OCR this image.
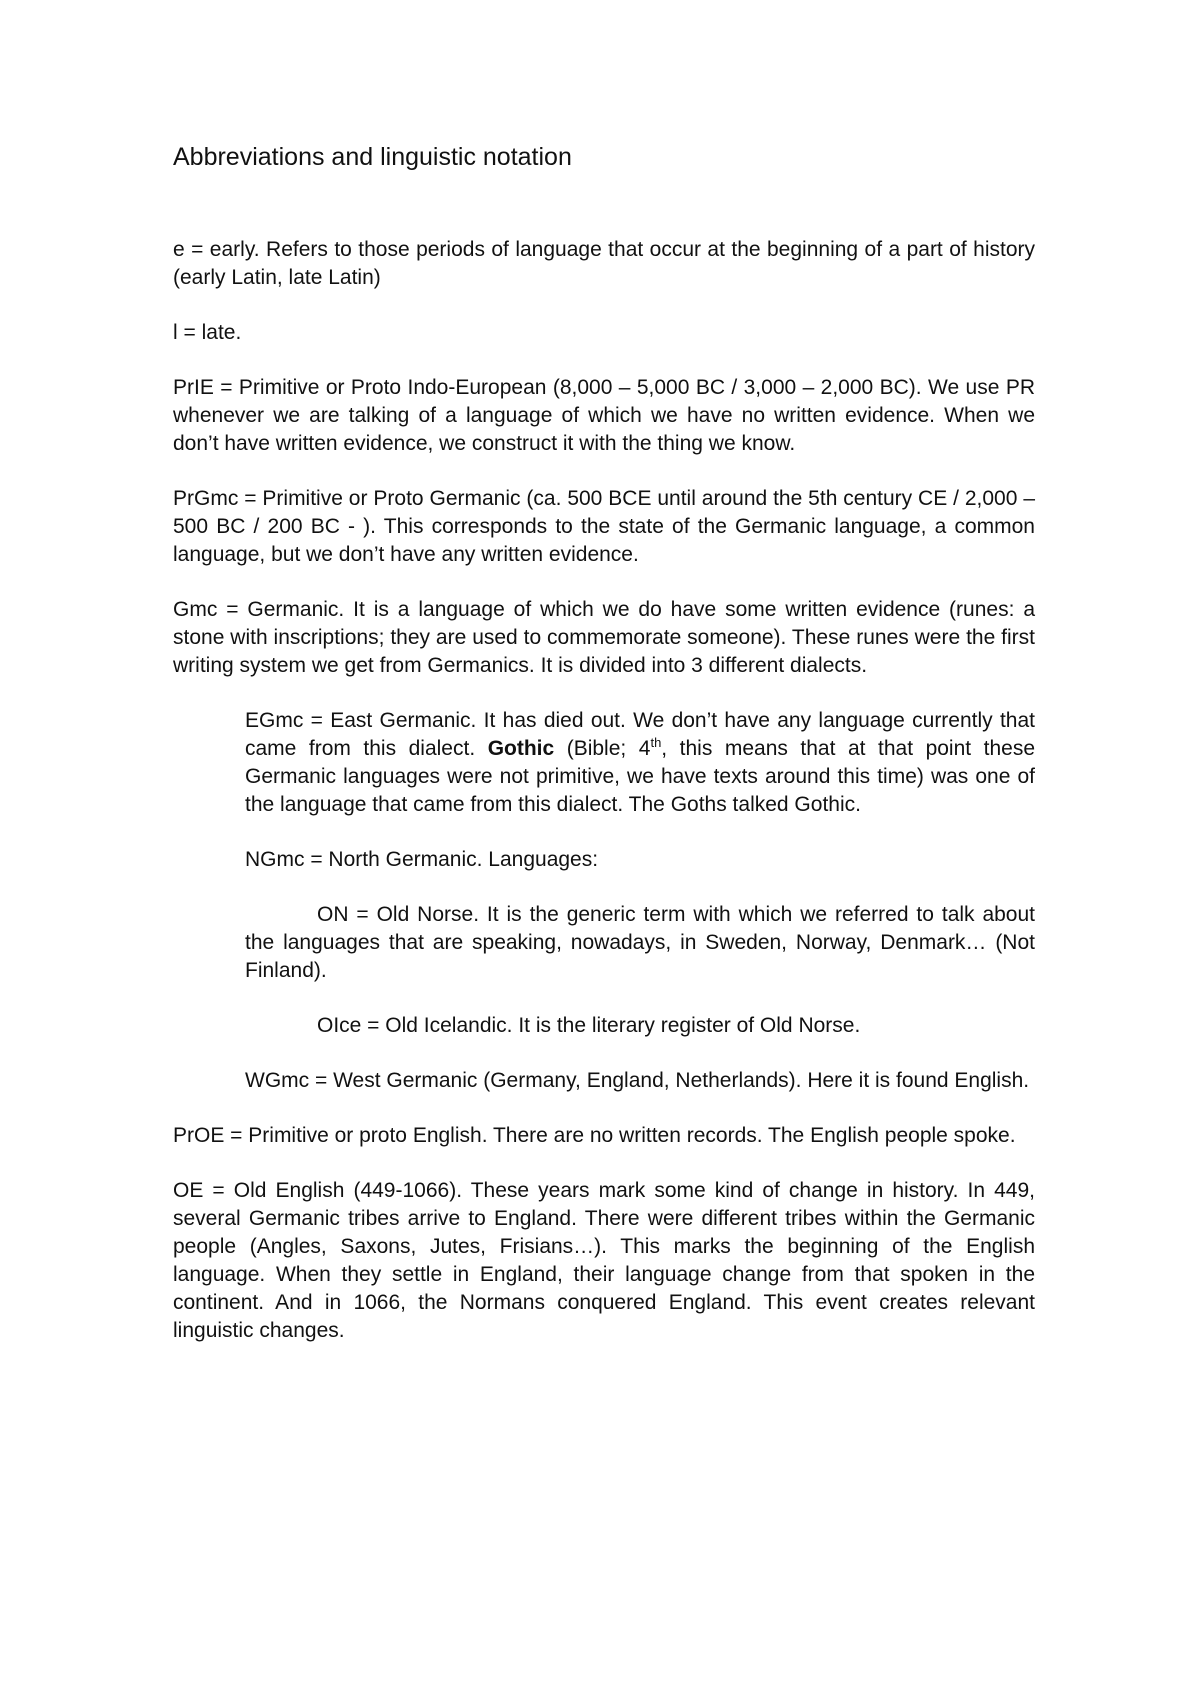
Abbreviations and linguistic notation

e = early. Refers to those periods of language that occur at the beginning of a part of history (early Latin, late Latin)

l = late.

PrIE = Primitive or Proto Indo-European (8,000 – 5,000 BC / 3,000 – 2,000 BC). We use PR whenever we are talking of a language of which we have no written evidence. When we don’t have written evidence, we construct it with the thing we know.

PrGmc = Primitive or Proto Germanic (ca. 500 BCE until around the 5th century CE / 2,000 – 500 BC / 200 BC - ). This corresponds to the state of the Germanic language, a common language, but we don’t have any written evidence.

Gmc = Germanic. It is a language of which we do have some written evidence (runes: a stone with inscriptions; they are used to commemorate someone). These runes were the first writing system we get from Germanics. It is divided into 3 different dialects.

EGmc = East Germanic. It has died out. We don’t have any language currently that came from this dialect. Gothic (Bible; 4th, this means that at that point these Germanic languages were not primitive, we have texts around this time) was one of the language that came from this dialect. The Goths talked Gothic.

NGmc = North Germanic. Languages:

ON = Old Norse. It is the generic term with which we referred to talk about the languages that are speaking, nowadays, in Sweden, Norway, Denmark… (Not Finland).

OIce = Old Icelandic. It is the literary register of Old Norse.

WGmc = West Germanic (Germany, England, Netherlands). Here it is found English.

PrOE = Primitive or proto English. There are no written records. The English people spoke.

OE = Old English (449-1066). These years mark some kind of change in history. In 449, several Germanic tribes arrive to England. There were different tribes within the Germanic people (Angles, Saxons, Jutes, Frisians…). This marks the beginning of the English language. When they settle in England, their language change from that spoken in the continent. And in 1066, the Normans conquered England. This event creates relevant linguistic changes.
